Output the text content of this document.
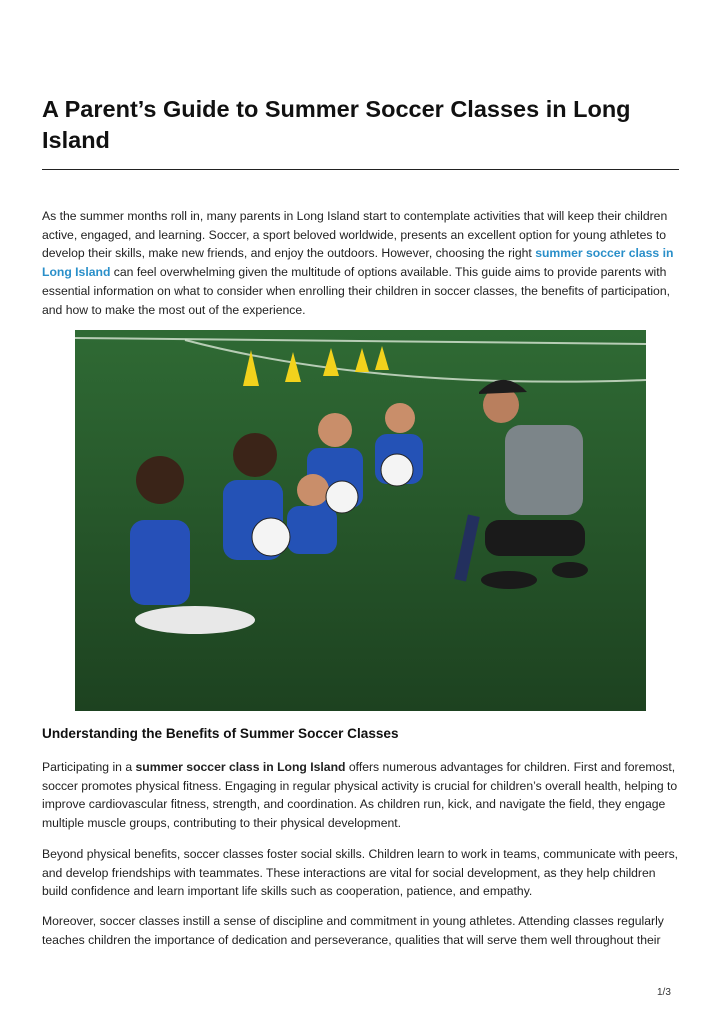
A Parent’s Guide to Summer Soccer Classes in Long Island

As the summer months roll in, many parents in Long Island start to contemplate activities that will keep their children active, engaged, and learning. Soccer, a sport beloved worldwide, presents an excellent option for young athletes to develop their skills, make new friends, and enjoy the outdoors. However, choosing the right summer soccer class in Long Island can feel overwhelming given the multitude of options available. This guide aims to provide parents with essential information on what to consider when enrolling their children in soccer classes, the benefits of participation, and how to make the most out of the experience.

Understanding the Benefits of Summer Soccer Classes

Participating in a summer soccer class in Long Island offers numerous advantages for children. First and foremost, soccer promotes physical fitness. Engaging in regular physical activity is crucial for children’s overall health, helping to improve cardiovascular fitness, strength, and coordination. As children run, kick, and navigate the field, they engage multiple muscle groups, contributing to their physical development.

Beyond physical benefits, soccer classes foster social skills. Children learn to work in teams, communicate with peers, and develop friendships with teammates. These interactions are vital for social development, as they help children build confidence and learn important life skills such as cooperation, patience, and empathy.

Moreover, soccer classes instill a sense of discipline and commitment in young athletes. Attending classes regularly teaches children the importance of dedication and perseverance, qualities that will serve them well throughout their

1/3
